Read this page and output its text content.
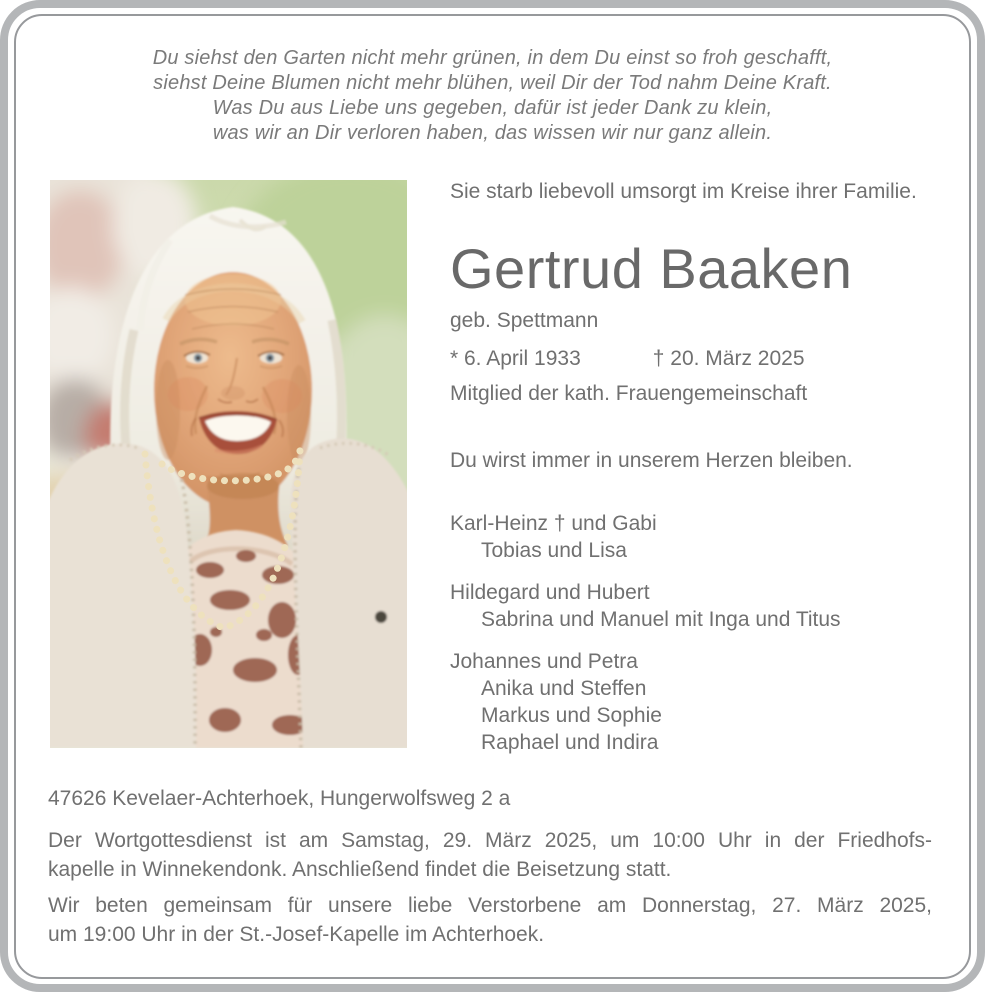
Du siehst den Garten nicht mehr grünen, in dem Du einst so froh geschafft,
siehst Deine Blumen nicht mehr blühen, weil Dir der Tod nahm Deine Kraft.
Was Du aus Liebe uns gegeben, dafür ist jeder Dank zu klein,
was wir an Dir verloren haben, das wissen wir nur ganz allein.
Sie starb liebevoll umsorgt im Kreise ihrer Familie.
Gertrud Baaken
geb. Spettmann
* 6. April 1933	† 20. März 2025
Mitglied der kath. Frauengemeinschaft
Du wirst immer in unserem Herzen bleiben.
Karl-Heinz † und Gabi
Tobias und Lisa
Hildegard und Hubert
Sabrina und Manuel mit Inga und Titus
Johannes und Petra
Anika und Steffen
Markus und Sophie
Raphael und Indira
47626 Kevelaer-Achterhoek, Hungerwolfsweg 2 a
Der Wortgottesdienst ist am Samstag, 29. März 2025, um 10:00 Uhr in der Friedhofs-
kapelle in Winnekendonk. Anschließend findet die Beisetzung statt.
Wir beten gemeinsam für unsere liebe Verstorbene am Donnerstag, 27. März 2025,
um 19:00 Uhr in der St.-Josef-Kapelle im Achterhoek.
